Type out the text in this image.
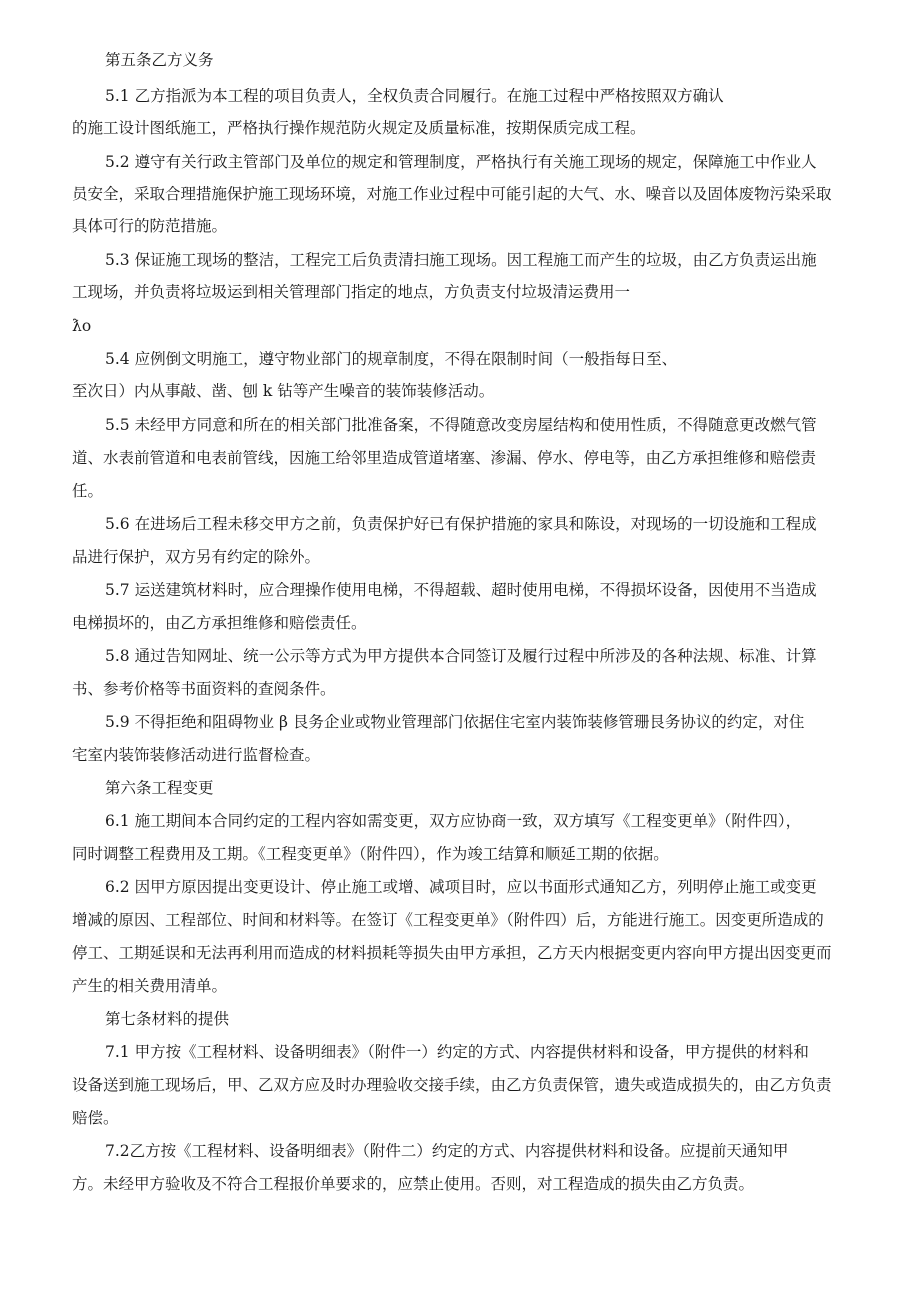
第五条乙方义务
5.1 乙方指派为本工程的项目负责人，全权负责合同履行。在施工过程中严格按照双方确认
的施工设计图纸施工，严格执行操作规范防火规定及质量标准，按期保质完成工程。
5.2 遵守有关行政主管部门及单位的规定和管理制度，严格执行有关施工现场的规定，保障施工中作业人
员安全，采取合理措施保护施工现场环境，对施工作业过程中可能引起的大气、水、噪音以及固体废物污染采取
具体可行的防范措施。
5.3 保证施工现场的整洁，工程完工后负责清扫施工现场。因工程施工而产生的垃圾，由乙方负责运出施
工现场，并负责将垃圾运到相关管理部门指定的地点，方负责支付垃圾清运费用一
ƛo
5.4 应例倒文明施工，遵守物业部门的规章制度，不得在限制时间（一般指每日至、
至次日）内从事敲、凿、刨 k 钻等产生噪音的装饰装修活动。
5.5 未经甲方同意和所在的相关部门批准备案，不得随意改变房屋结构和使用性质，不得随意更改燃气管
道、水表前管道和电表前管线，因施工给邻里造成管道堵塞、渗漏、停水、停电等，由乙方承担维修和赔偿责
任。
5.6 在进场后工程未移交甲方之前，负责保护好已有保护措施的家具和陈设，对现场的一切设施和工程成
品进行保护，双方另有约定的除外。
5.7 运送建筑材料时，应合理操作使用电梯，不得超载、超时使用电梯，不得损坏设备，因使用不当造成
电梯损坏的，由乙方承担维修和赔偿责任。
5.8 通过告知网址、统一公示等方式为甲方提供本合同签订及履行过程中所涉及的各种法规、标准、计算
书、参考价格等书面资料的查阅条件。
5.9 不得拒绝和阻碍物业 β 艮务企业或物业管理部门依据住宅室内装饰装修管珊艮务协议的约定，对住
宅室内装饰装修活动进行监督检查。
第六条工程变更
6.1 施工期间本合同约定的工程内容如需变更，双方应协商一致，双方填写《工程变更单》（附件四），
同时调整工程费用及工期。《工程变更单》（附件四），作为竣工结算和顺延工期的依据。
6.2 因甲方原因提出变更设计、停止施工或增、减项目时，应以书面形式通知乙方，列明停止施工或变更
增减的原因、工程部位、时间和材料等。在签订《工程变更单》（附件四）后，方能进行施工。因变更所造成的
停工、工期延误和无法再利用而造成的材料损耗等损失由甲方承担，乙方天内根据变更内容向甲方提出因变更而
产生的相关费用清单。
第七条材料的提供
7.1 甲方按《工程材料、设备明细表》（附件一）约定的方式、内容提供材料和设备，甲方提供的材料和
设备送到施工现场后，甲、乙双方应及时办理验收交接手续，由乙方负责保管，遗失或造成损失的，由乙方负责
赔偿。
7.2乙方按《工程材料、设备明细表》（附件二）约定的方式、内容提供材料和设备。应提前天通知甲
方。未经甲方验收及不符合工程报价单要求的，应禁止使用。否则，对工程造成的损失由乙方负责。
